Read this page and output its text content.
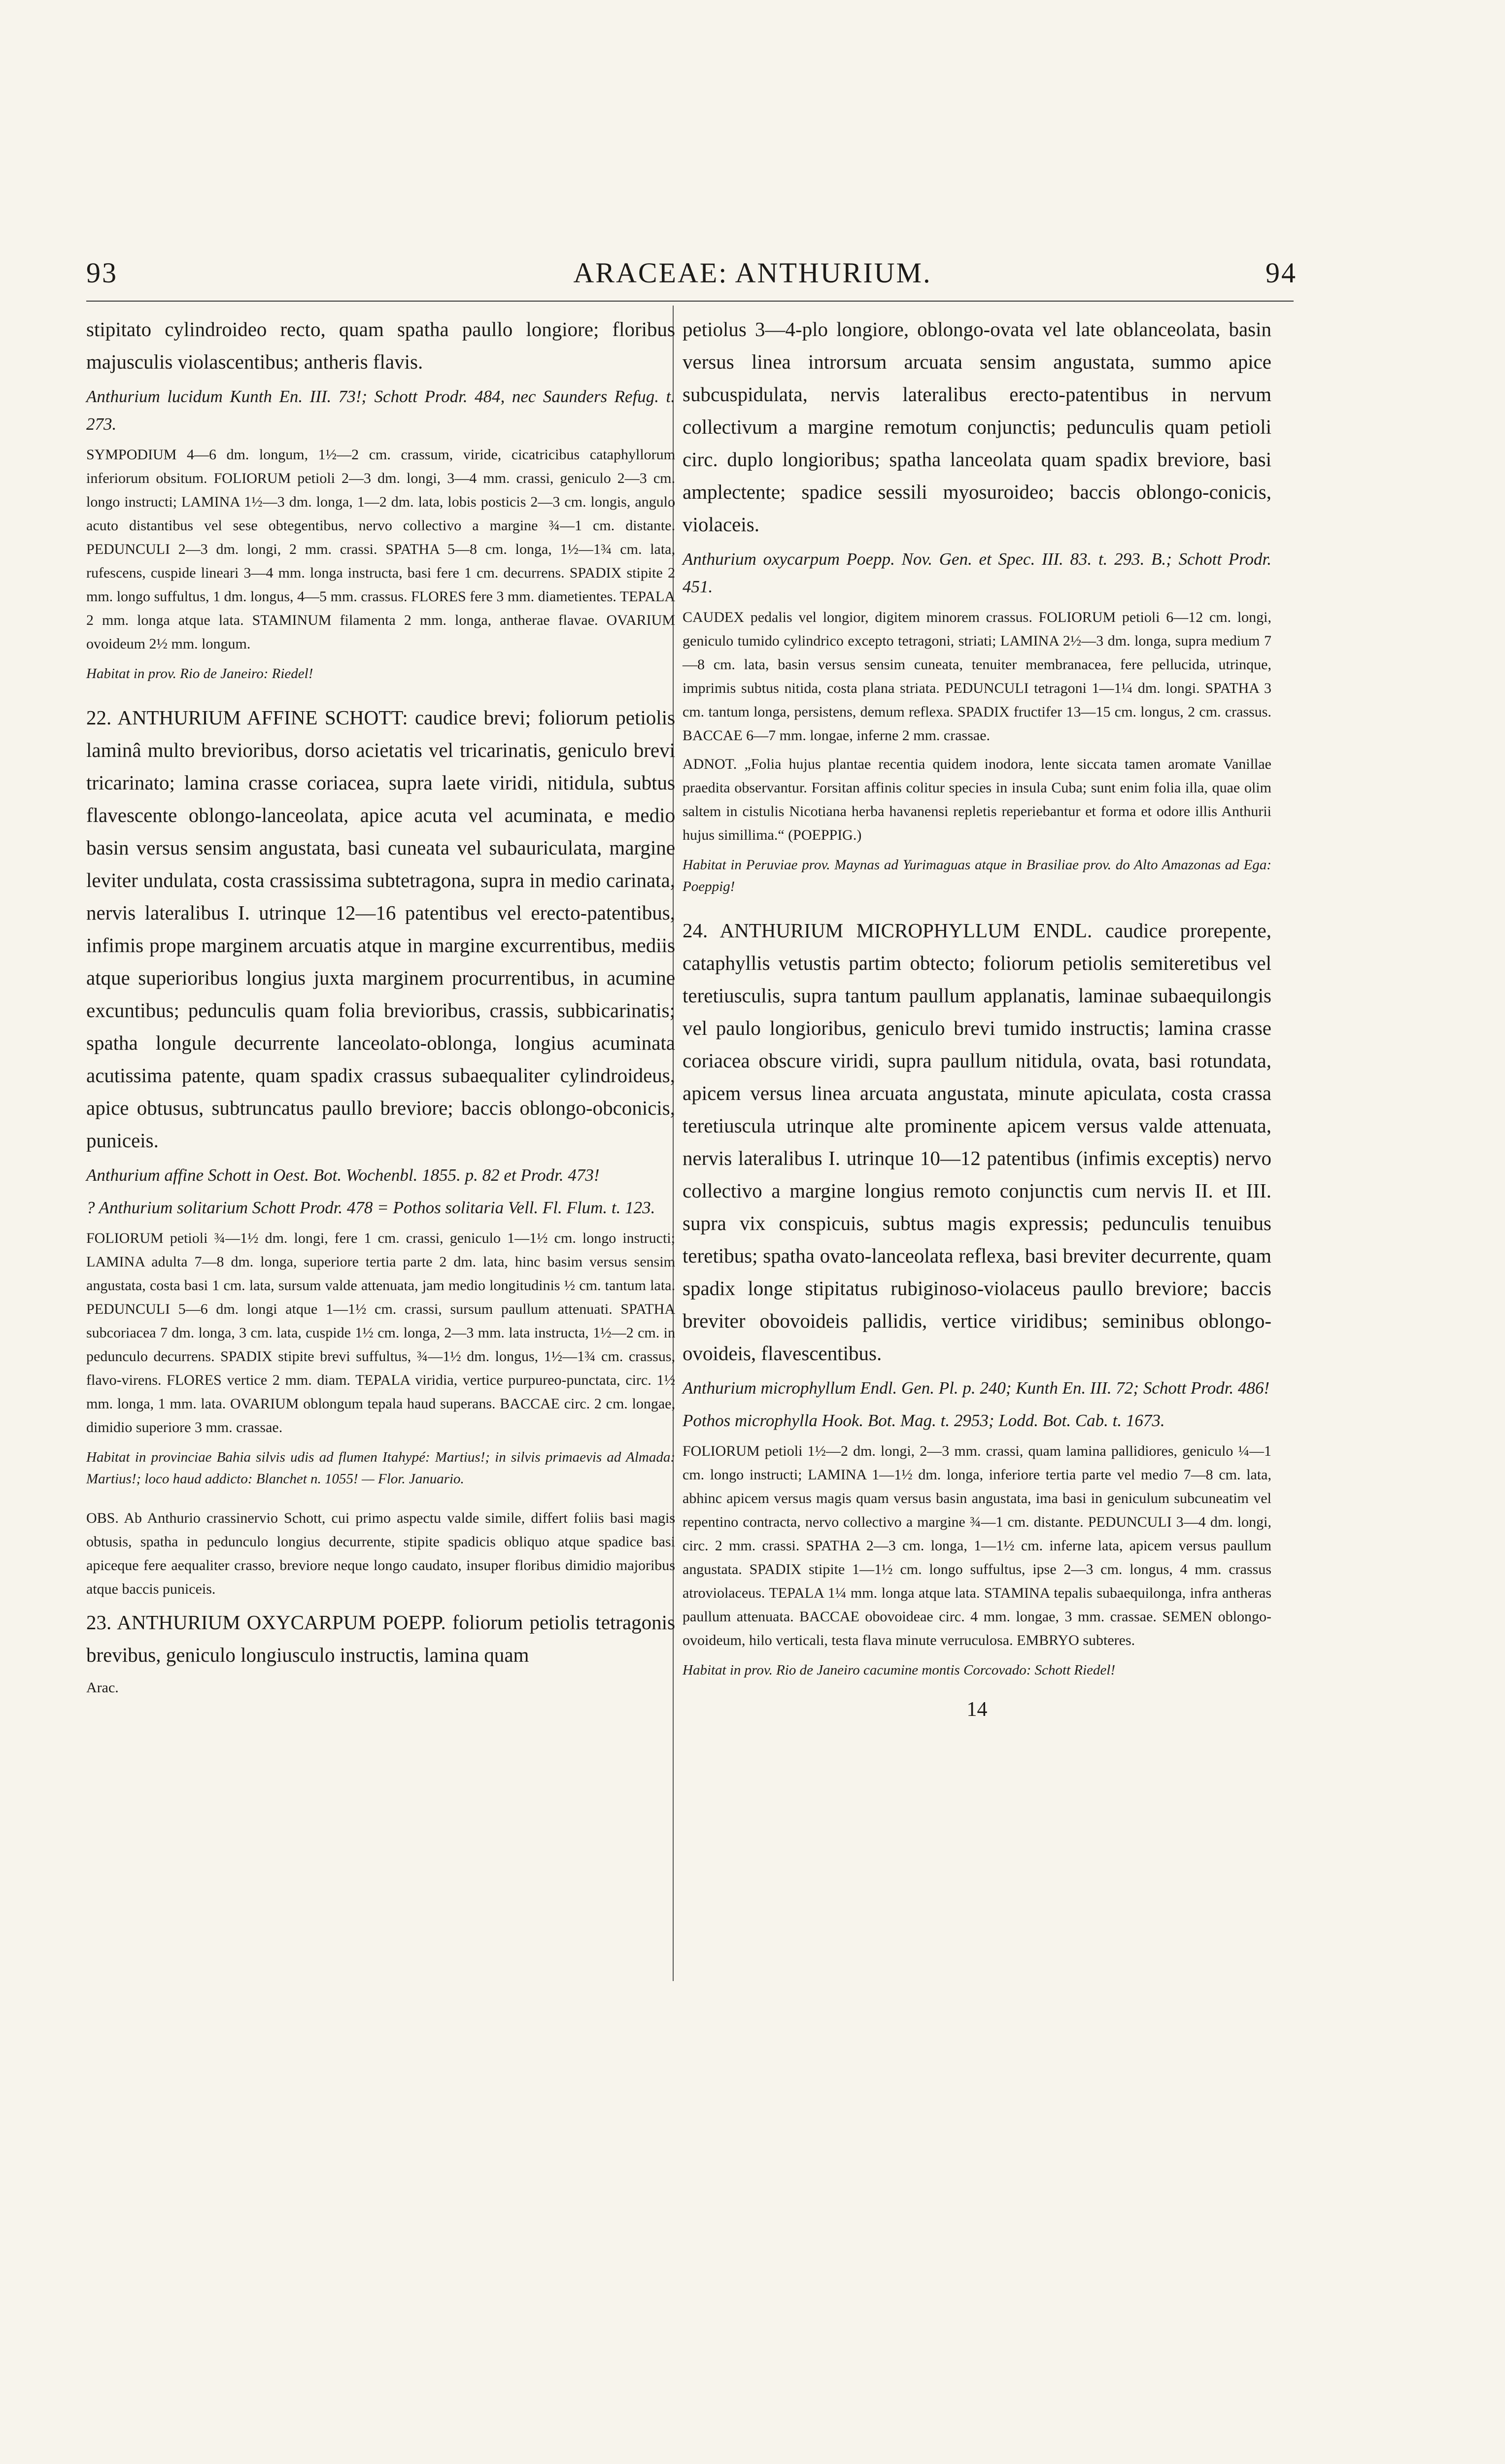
93	ARACEAE: ANTHURIUM.	94

stipitato cylindroideo recto, quam spatha paullo longiore; floribus majusculis violascentibus; antheris flavis.

Anthurium lucidum Kunth En. III. 73!; Schott Prodr. 484, nec Saunders Refug. t. 273.

SYMPODIUM 4—6 dm. longum, 1½—2 cm. crassum, viride, cicatricibus cataphyllorum inferiorum obsitum. FOLIORUM petioli 2—3 dm. longi, 3—4 mm. crassi, geniculo 2—3 cm. longo instructi; LAMINA 1½—3 dm. longa, 1—2 dm. lata, lobis posticis 2—3 cm. longis, angulo acuto distantibus vel sese obtegentibus, nervo collectivo a margine ¾—1 cm. distante. PEDUNCULI 2—3 dm. longi, 2 mm. crassi. SPATHA 5—8 cm. longa, 1½—1¾ cm. lata, rufescens, cuspide lineari 3—4 mm. longa instructa, basi fere 1 cm. decurrens. SPADIX stipite 2 mm. longo suffultus, 1 dm. longus, 4—5 mm. crassus. FLORES fere 3 mm. diametientes. TEPALA 2 mm. longa atque lata. STAMINUM filamenta 2 mm. longa, antherae flavae. OVARIUM ovoideum 2½ mm. longum.

Habitat in prov. Rio de Janeiro: Riedel!

22. ANTHURIUM AFFINE SCHOTT: caudice brevi; foliorum petiolis laminâ multo brevioribus, dorso acietatis vel tricarinatis, geniculo brevi tricarinato; lamina crasse coriacea, supra laete viridi, nitidula, subtus flavescente oblongo-lanceolata, apice acuta vel acuminata, e medio basin versus sensim angustata, basi cuneata vel subauriculata, margine leviter undulata, costa crassissima subtetragona, supra in medio carinata, nervis lateralibus I. utrinque 12—16 patentibus vel erecto-patentibus, infimis prope marginem arcuatis atque in margine excurrentibus, mediis atque superioribus longius juxta marginem procurrentibus, in acumine excuntibus; pedunculis quam folia brevioribus, crassis, subbicarinatis; spatha longule decurrente lanceolato-oblonga, longius acuminata acutissima patente, quam spadix crassus subaequaliter cylindroideus, apice obtusus, subtruncatus paullo breviore; baccis oblongo-obconicis, puniceis.

Anthurium affine Schott in Oest. Bot. Wochenbl. 1855. p. 82 et Prodr. 473!

? Anthurium solitarium Schott Prodr. 478 = Pothos solitaria Vell. Fl. Flum. t. 123.

FOLIORUM petioli ¾—1½ dm. longi, fere 1 cm. crassi, geniculo 1—1½ cm. longo instructi; LAMINA adulta 7—8 dm. longa, superiore tertia parte 2 dm. lata, hinc basim versus sensim angustata, costa basi 1 cm. lata, sursum valde attenuata, jam medio longitudinis ½ cm. tantum lata. PEDUNCULI 5—6 dm. longi atque 1—1½ cm. crassi, sursum paullum attenuati. SPATHA subcoriacea 7 dm. longa, 3 cm. lata, cuspide 1½ cm. longa, 2—3 mm. lata instructa, 1½—2 cm. in pedunculo decurrens. SPADIX stipite brevi suffultus, ¾—1½ dm. longus, 1½—1¾ cm. crassus, flavo-virens. FLORES vertice 2 mm. diam. TEPALA viridia, vertice purpureo-punctata, circ. 1½ mm. longa, 1 mm. lata. OVARIUM oblongum tepala haud superans. BACCAE circ. 2 cm. longae, dimidio superiore 3 mm. crassae.

Habitat in provinciae Bahia silvis udis ad flumen Itahypé: Martius!; in silvis primaevis ad Almada: Martius!; loco haud addicto: Blanchet n. 1055! — Flor. Januario.

OBS. Ab Anthurio crassinervio Schott, cui primo aspectu valde simile, differt foliis basi magis obtusis, spatha in pedunculo longius decurrente, stipite spadicis obliquo atque spadice basi apiceque fere aequaliter crasso, breviore neque longo caudato, insuper floribus dimidio majoribus atque baccis puniceis.

23. ANTHURIUM OXYCARPUM POEPP. foliorum petiolis tetragonis brevibus, geniculo longiusculo instructis, lamina quam

Arac.

petiolus 3—4-plo longiore, oblongo-ovata vel late oblanceolata, basin versus linea introrsum arcuata sensim angustata, summo apice subcuspidulata, nervis lateralibus erecto-patentibus in nervum collectivum a margine remotum conjunctis; pedunculis quam petioli circ. duplo longioribus; spatha lanceolata quam spadix breviore, basi amplectente; spadice sessili myosuroideo; baccis oblongo-conicis, violaceis.

Anthurium oxycarpum Poepp. Nov. Gen. et Spec. III. 83. t. 293. B.; Schott Prodr. 451.

CAUDEX pedalis vel longior, digitem minorem crassus. FOLIORUM petioli 6—12 cm. longi, geniculo tumido cylindrico excepto tetragoni, striati; LAMINA 2½—3 dm. longa, supra medium 7—8 cm. lata, basin versus sensim cuneata, tenuiter membranacea, fere pellucida, utrinque, imprimis subtus nitida, costa plana striata. PEDUNCULI tetragoni 1—1¼ dm. longi. SPATHA 3 cm. tantum longa, persistens, demum reflexa. SPADIX fructifer 13—15 cm. longus, 2 cm. crassus. BACCAE 6—7 mm. longae, inferne 2 mm. crassae.

ADNOT. „Folia hujus plantae recentia quidem inodora, lente siccata tamen aromate Vanillae praedita observantur. Forsitan affinis colitur species in insula Cuba; sunt enim folia illa, quae olim saltem in cistulis Nicotiana herba havanensi repletis reperiebantur et forma et odore illis Anthurii hujus simillima.“ (POEPPIG.)

Habitat in Peruviae prov. Maynas ad Yurimaguas atque in Brasiliae prov. do Alto Amazonas ad Ega: Poeppig!

24. ANTHURIUM MICROPHYLLUM ENDL. caudice prorepente, cataphyllis vetustis partim obtecto; foliorum petiolis semiteretibus vel teretiusculis, supra tantum paullum applanatis, laminae subaequilongis vel paulo longioribus, geniculo brevi tumido instructis; lamina crasse coriacea obscure viridi, supra paullum nitidula, ovata, basi rotundata, apicem versus linea arcuata angustata, minute apiculata, costa crassa teretiuscula utrinque alte prominente apicem versus valde attenuata, nervis lateralibus I. utrinque 10—12 patentibus (infimis exceptis) nervo collectivo a margine longius remoto conjunctis cum nervis II. et III. supra vix conspicuis, subtus magis expressis; pedunculis tenuibus teretibus; spatha ovato-lanceolata reflexa, basi breviter decurrente, quam spadix longe stipitatus rubiginoso-violaceus paullo breviore; baccis breviter obovoideis pallidis, vertice viridibus; seminibus oblongo-ovoideis, flavescentibus.

Anthurium microphyllum Endl. Gen. Pl. p. 240; Kunth En. III. 72; Schott Prodr. 486!

Pothos microphylla Hook. Bot. Mag. t. 2953; Lodd. Bot. Cab. t. 1673.

FOLIORUM petioli 1½—2 dm. longi, 2—3 mm. crassi, quam lamina pallidiores, geniculo ¼—1 cm. longo instructi; LAMINA 1—1½ dm. longa, inferiore tertia parte vel medio 7—8 cm. lata, abhinc apicem versus magis quam versus basin angustata, ima basi in geniculum subcuneatim vel repentino contracta, nervo collectivo a margine ¾—1 cm. distante. PEDUNCULI 3—4 dm. longi, circ. 2 mm. crassi. SPATHA 2—3 cm. longa, 1—1½ cm. inferne lata, apicem versus paullum angustata. SPADIX stipite 1—1½ cm. longo suffultus, ipse 2—3 cm. longus, 4 mm. crassus atroviolaceus. TEPALA 1¼ mm. longa atque lata. STAMINA tepalis subaequilonga, infra antheras paullum attenuata. BACCAE obovoideae circ. 4 mm. longae, 3 mm. crassae. SEMEN oblongo-ovoideum, hilo verticali, testa flava minute verruculosa. EMBRYO subteres.

Habitat in prov. Rio de Janeiro cacumine montis Corcovado: Schott Riedel!

14
